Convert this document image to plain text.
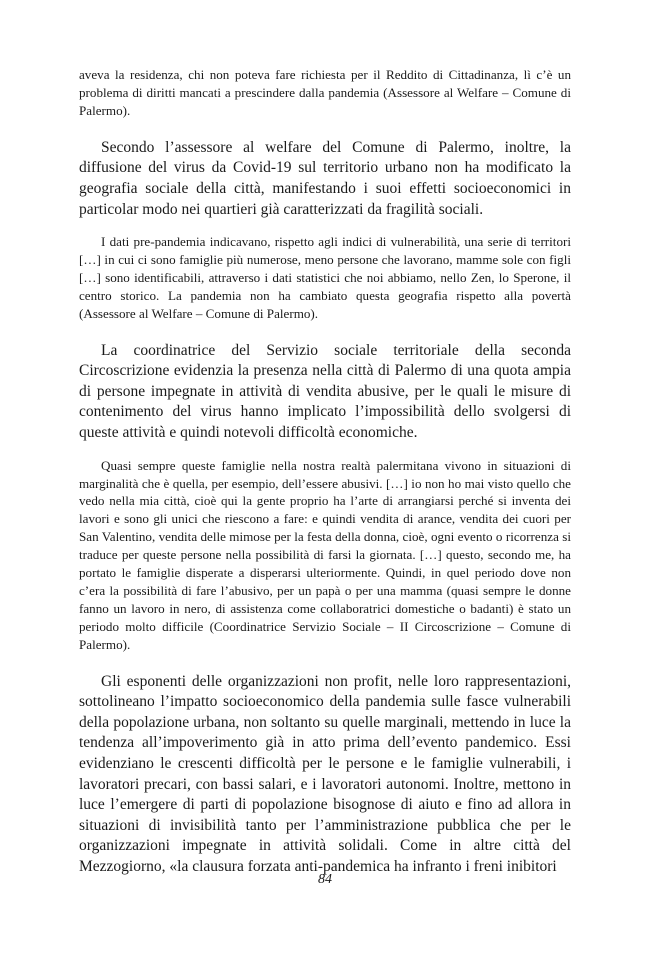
aveva la residenza, chi non poteva fare richiesta per il Reddito di Cittadinanza, lì c’è un problema di diritti mancati a prescindere dalla pandemia (Assessore al Welfare – Comune di Palermo).

Secondo l’assessore al welfare del Comune di Palermo, inoltre, la diffusione del virus da Covid-19 sul territorio urbano non ha modificato la geografia sociale della città, manifestando i suoi effetti socioeconomici in particolar modo nei quartieri già caratterizzati da fragilità sociali.

I dati pre-pandemia indicavano, rispetto agli indici di vulnerabilità, una serie di territori […] in cui ci sono famiglie più numerose, meno persone che lavorano, mamme sole con figli […] sono identificabili, attraverso i dati statistici che noi abbiamo, nello Zen, lo Sperone, il centro storico. La pandemia non ha cambiato questa geografia rispetto alla povertà (Assessore al Welfare – Comune di Palermo).

La coordinatrice del Servizio sociale territoriale della seconda Circoscrizione evidenzia la presenza nella città di Palermo di una quota ampia di persone impegnate in attività di vendita abusive, per le quali le misure di contenimento del virus hanno implicato l’impossibilità dello svolgersi di queste attività e quindi notevoli difficoltà economiche.

Quasi sempre queste famiglie nella nostra realtà palermitana vivono in situazioni di marginalità che è quella, per esempio, dell’essere abusivi. […] io non ho mai visto quello che vedo nella mia città, cioè qui la gente proprio ha l’arte di arrangiarsi perché si inventa dei lavori e sono gli unici che riescono a fare: e quindi vendita di arance, vendita dei cuori per San Valentino, vendita delle mimose per la festa della donna, cioè, ogni evento o ricorrenza si traduce per queste persone nella possibilità di farsi la giornata. […] questo, secondo me, ha portato le famiglie disperate a disperarsi ulteriormente. Quindi, in quel periodo dove non c’era la possibilità di fare l’abusivo, per un papà o per una mamma (quasi sempre le donne fanno un lavoro in nero, di assistenza come collaboratrici domestiche o badanti) è stato un periodo molto difficile (Coordinatrice Servizio Sociale – II Circoscrizione – Comune di Palermo).

Gli esponenti delle organizzazioni non profit, nelle loro rappresentazioni, sottolineano l’impatto socioeconomico della pandemia sulle fasce vulnerabili della popolazione urbana, non soltanto su quelle marginali, mettendo in luce la tendenza all’impoverimento già in atto prima dell’evento pandemico. Essi evidenziano le crescenti difficoltà per le persone e le famiglie vulnerabili, i lavoratori precari, con bassi salari, e i lavoratori autonomi. Inoltre, mettono in luce l’emergere di parti di popolazione bisognose di aiuto e fino ad allora in situazioni di invisibilità tanto per l’amministrazione pubblica che per le organizzazioni impegnate in attività solidali. Come in altre città del Mezzogiorno, «la clausura forzata anti-pandemica ha infranto i freni inibitori

84
